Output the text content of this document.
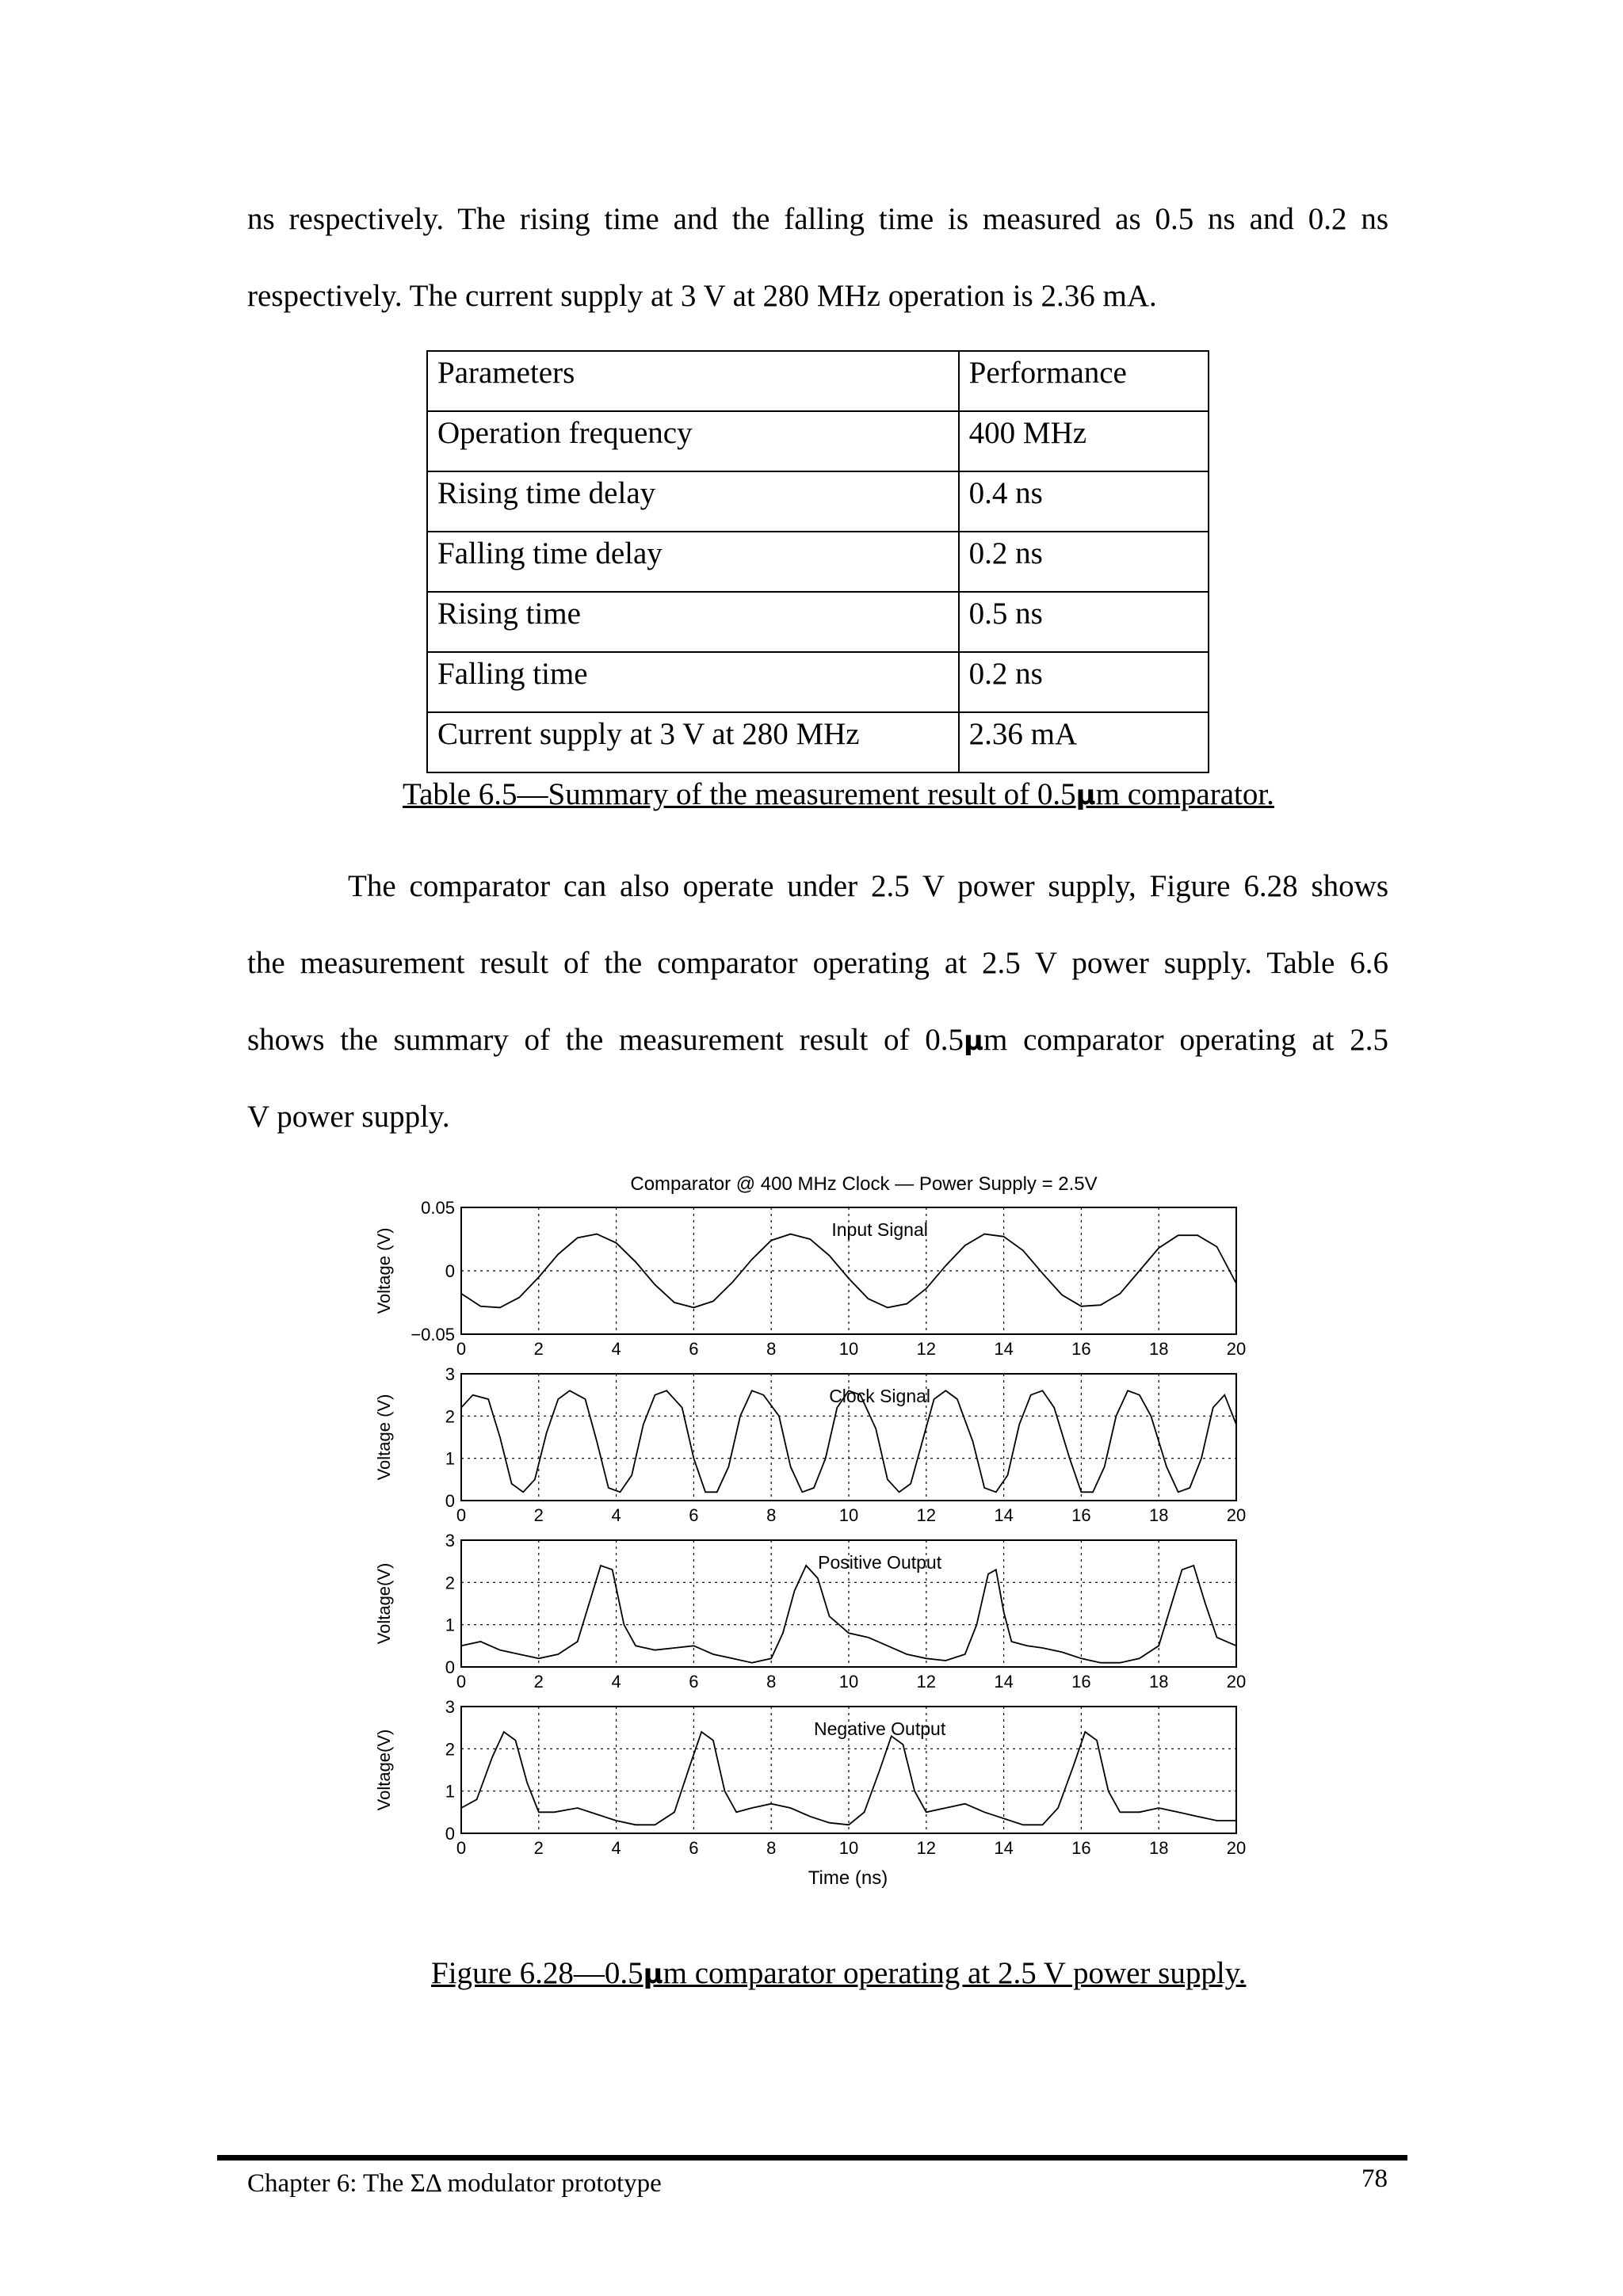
ns respectively. The rising time and the falling time is measured as 0.5 ns and 0.2 ns
respectively. The current supply at 3 V at 280 MHz operation is 2.36 mA.

Parameters	Performance
Operation frequency	400 MHz
Rising time delay	0.4 ns
Falling time delay	0.2 ns
Rising time	0.5 ns
Falling time	0.2 ns
Current supply at 3 V at 280 MHz	2.36 mA
Table 6.5—Summary of the measurement result of 0.5µm comparator.

The comparator can also operate under 2.5 V power supply, Figure 6.28 shows
the measurement result of the comparator operating at 2.5 V power supply. Table 6.6
shows the summary of the measurement result of 0.5µm comparator operating at 2.5
V power supply.

Comparator @ 400 MHz Clock — Power Supply = 2.5V
0.05
0
−0.05
0	2	4	6	8	10	12	14	16	18	20
Input Signal
Voltage (V)
3
2
1
0
0	2	4	6	8	10	12	14	16	18	20
Clock Signal
Voltage (V)
3
2
1
0
0	2	4	6	8	10	12	14	16	18	20
Positive Output
Voltage(V)
3
2
1
0
0	2	4	6	8	10	12	14	16	18	20
Negative Output
Voltage(V)
Time (ns)
Figure 6.28—0.5µm comparator operating at 2.5 V power supply.
Chapter 6: The ΣΔ modulator prototype	78
